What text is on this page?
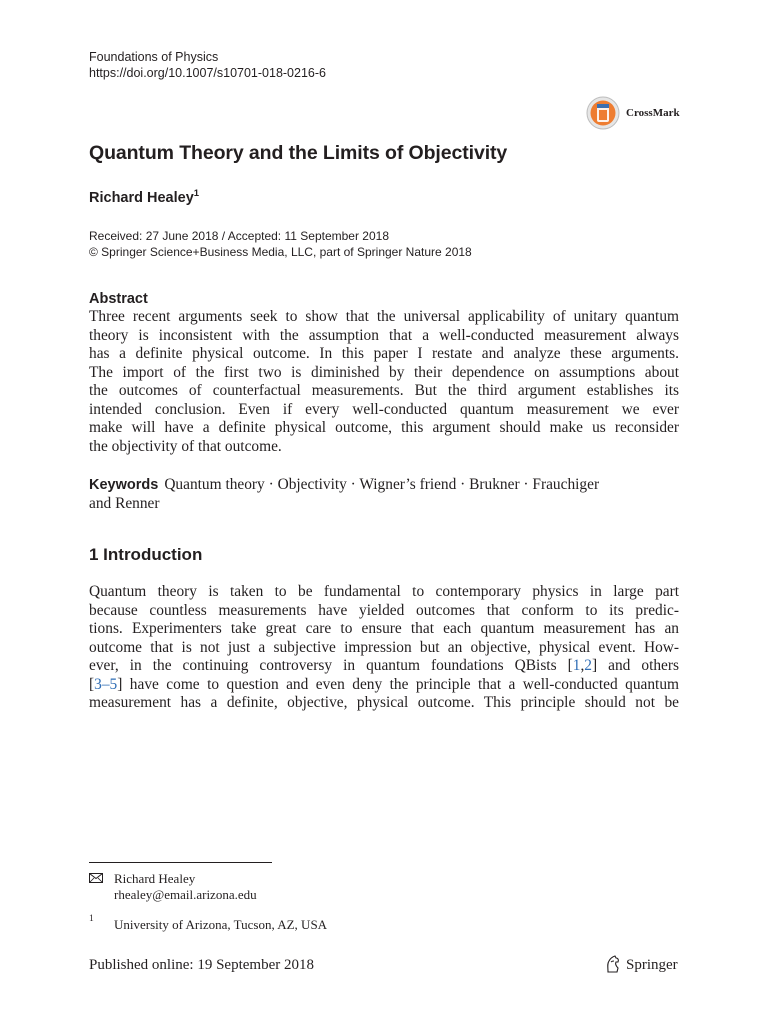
Foundations of Physics
https://doi.org/10.1007/s10701-018-0216-6
CrossMark
Quantum Theory and the Limits of Objectivity
Richard Healey$^1$
Received: 27 June 2018 / Accepted: 11 September 2018
© Springer Science+Business Media, LLC, part of Springer Nature 2018
Abstract
Three recent arguments seek to show that the universal applicability of unitary quantum
theory is inconsistent with the assumption that a well-conducted measurement always
has a definite physical outcome. In this paper I restate and analyze these arguments.
The import of the first two is diminished by their dependence on assumptions about
the outcomes of counterfactual measurements. But the third argument establishes its
intended conclusion. Even if every well-conducted quantum measurement we ever
make will have a definite physical outcome, this argument should make us reconsider
the objectivity of that outcome.
Keywords Quantum theory · Objectivity · Wigner’s friend · Brukner · Frauchiger
and Renner
1 Introduction
Quantum theory is taken to be fundamental to contemporary physics in large part
because countless measurements have yielded outcomes that conform to its predic-
tions. Experimenters take great care to ensure that each quantum measurement has an
outcome that is not just a subjective impression but an objective, physical event. How-
ever, in the continuing controversy in quantum foundations QBists [1,2] and others
[3–5] have come to question and even deny the principle that a well-conducted quantum
measurement has a definite, objective, physical outcome. This principle should not be
Richard Healey
rhealey@email.arizona.edu
1 University of Arizona, Tucson, AZ, USA
Published online: 19 September 2018	Springer
